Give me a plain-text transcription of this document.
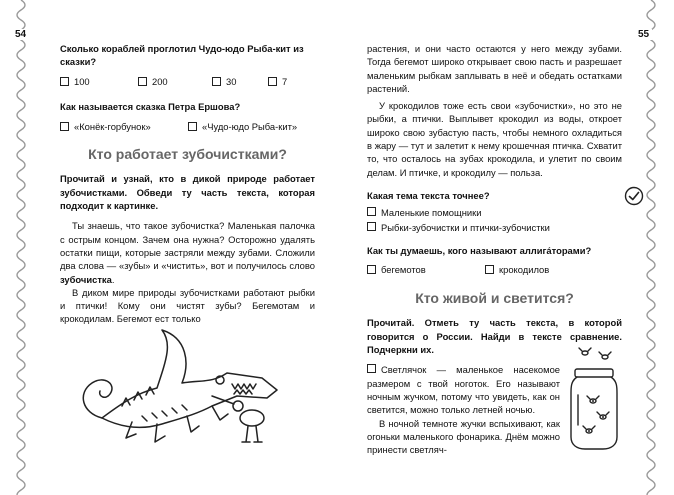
54	55

Сколько кораблей проглотил Чудо-юдо Рыба-кит из сказки?

100	200	30	7

Как называется сказка Петра Ершова?

«Конёк-горбунок»	«Чудо-юдо Рыба-кит»

Кто работает зубочистками?

Прочитай и узнай, кто в дикой природе работает зубочистками. Обведи ту часть текста, которая подходит к картинке.

Ты знаешь, что такое зубочистка? Маленькая палочка с острым концом. Зачем она нужна? Осторожно удалять остатки пищи, которые застряли между зубами. Сложили два слова — «зубы» и «чистить», вот и получилось слово зубочистка.

В диком мире природы зубочистками работают рыбки и птички! Кому они чистят зубы? Бегемотам и крокодилам. Бегемот ест только

растения, и они часто остаются у него между зубами. Тогда бегемот широко открывает свою пасть и разрешает маленьким рыбкам заплывать в неё и обедать остатками растений.

У крокодилов тоже есть свои «зубочистки», но это не рыбки, а птички. Выплывет крокодил из воды, откроет широко свою зубастую пасть, чтобы немного охладиться в жару — тут и залетит к нему крошечная птичка. Схватит то, что осталось на зубах крокодила, и улетит по своим делам. И птичке, и крокодилу — польза.

Какая тема текста точнее?

Маленькие помощники
Рыбки-зубочистки и птички-зубочистки

Как ты думаешь, кого называют аллига́торами?

бегемотов	крокодилов

Кто живой и светится?

Прочитай. Отметь ту часть текста, в которой говорится о России. Найди в тексте сравнение. Подчеркни их.

Светлячок — маленькое насекомое размером с твой ноготок. Его называют ночным жучком, потому что увидеть, как он светится, можно только летней ночью.

В ночной темноте жучки вспыхивают, как огоньки маленького фонарика. Днём можно принести светляч-
